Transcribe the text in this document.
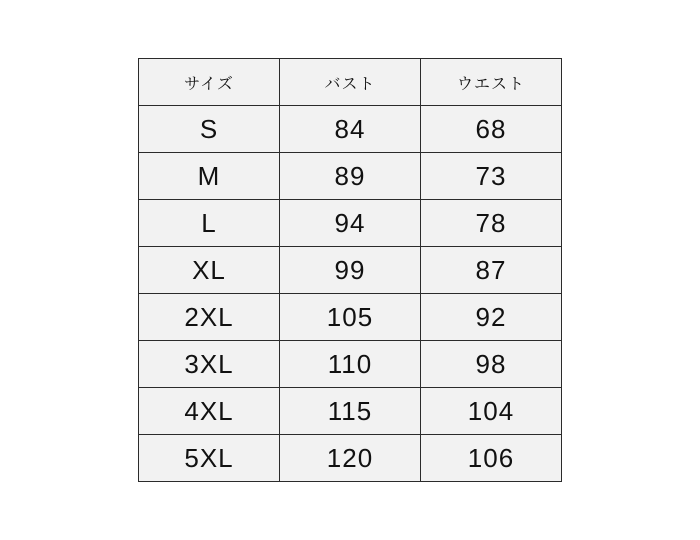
サイズ	バスト	ウエスト
S	84	68
M	89	73
L	94	78
XL	99	87
2XL	105	92
3XL	110	98
4XL	115	104
5XL	120	106
